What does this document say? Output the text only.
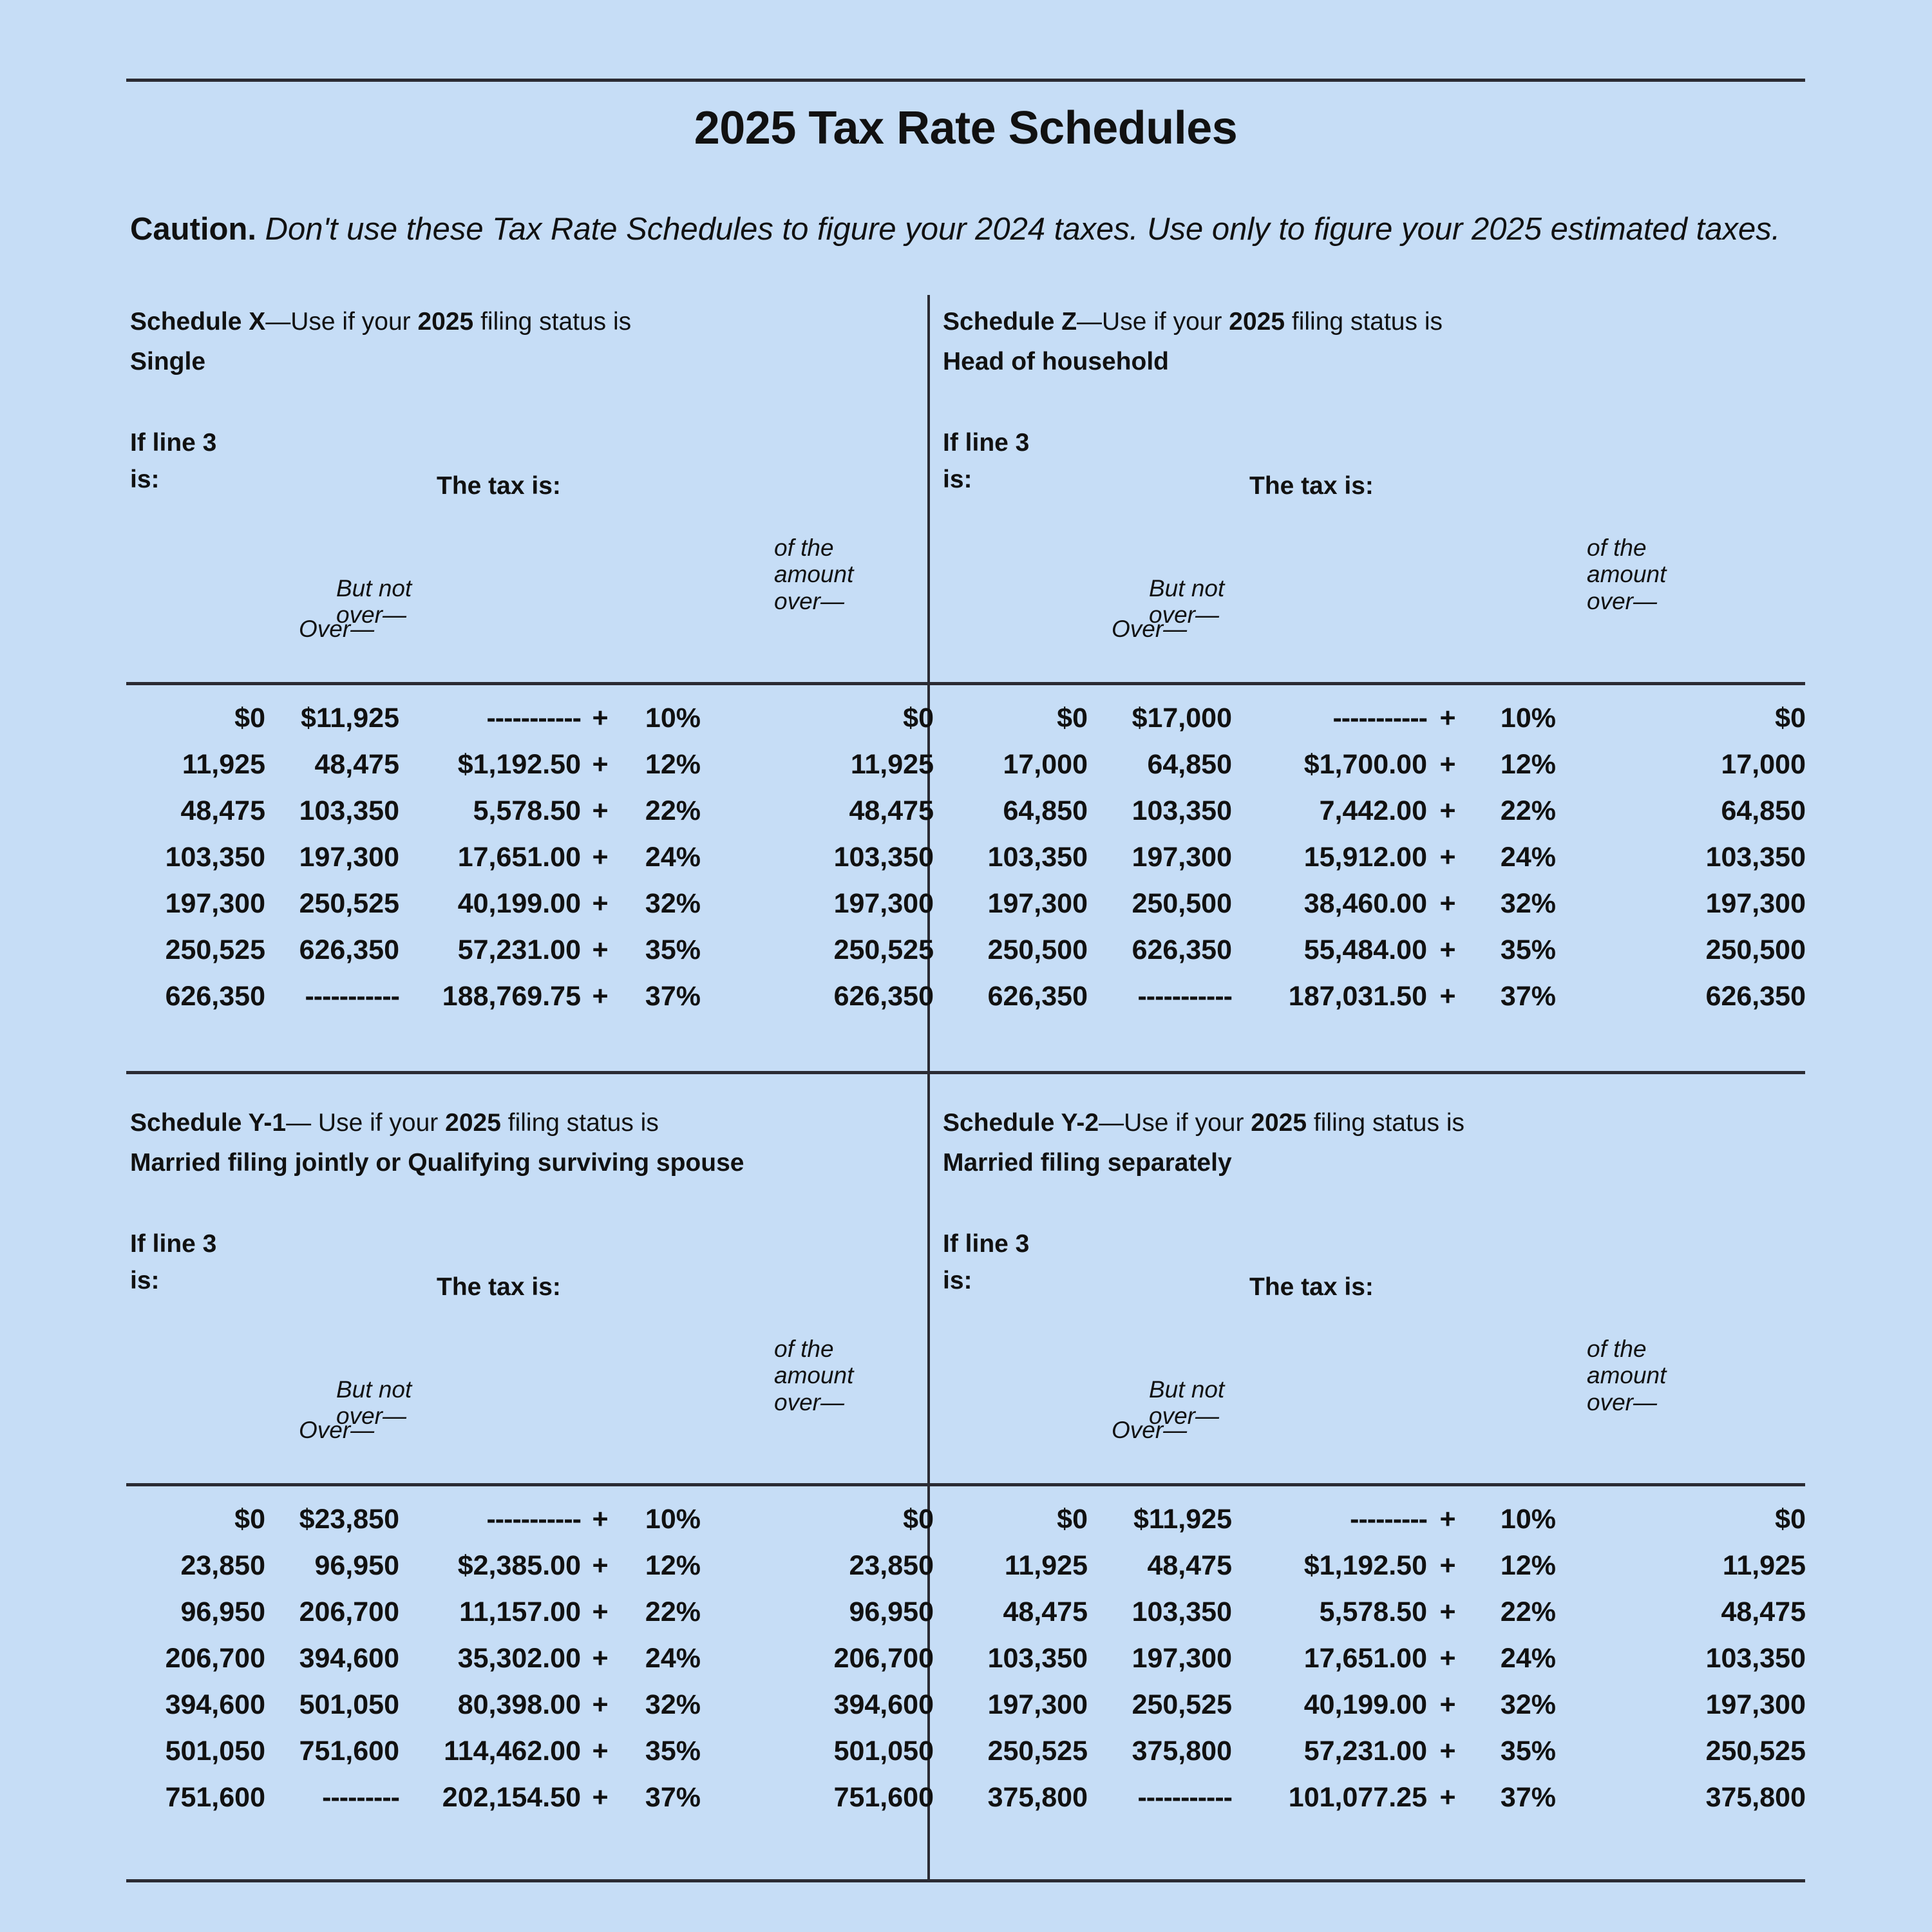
2025 Tax Rate Schedules
Caution. Don't use these Tax Rate Schedules to figure your 2024 taxes. Use only to figure your 2025 estimated taxes.
Schedule X—Use if your 2025 filing status is
Single
If line 3
is:	The tax is:
Over—
But not
over—
of the
amount
over—
$0	$11,925	----------- +	10%	$0
11,925	48,475	$1,192.50 +	12%	11,925
48,475	103,350	5,578.50 +	22%	48,475
103,350	197,300	17,651.00 +	24%	103,350
197,300	250,525	40,199.00 +	32%	197,300
250,525	626,350	57,231.00 +	35%	250,525
626,350	-----------	188,769.75 +	37%	626,350
Schedule Z—Use if your 2025 filing status is
Head of household
If line 3
is:	The tax is:
Over—
But not
over—
of the
amount
over—
$0	$17,000	----------- +	10%	$0
17,000	64,850	$1,700.00 +	12%	17,000
64,850	103,350	7,442.00 +	22%	64,850
103,350	197,300	15,912.00 +	24%	103,350
197,300	250,500	38,460.00 +	32%	197,300
250,500	626,350	55,484.00 +	35%	250,500
626,350	-----------	187,031.50 +	37%	626,350
Schedule Y-1— Use if your 2025 filing status is
Married filing jointly or Qualifying surviving spouse
If line 3
is:	The tax is:
Over—
But not
over—
of the
amount
over—
$0	$23,850	----------- +	10%	$0
23,850	96,950	$2,385.00 +	12%	23,850
96,950	206,700	11,157.00 +	22%	96,950
206,700	394,600	35,302.00 +	24%	206,700
394,600	501,050	80,398.00 +	32%	394,600
501,050	751,600	114,462.00 +	35%	501,050
751,600	---------	202,154.50 +	37%	751,600
Schedule Y-2—Use if your 2025 filing status is
Married filing separately
If line 3
is:	The tax is:
Over—
But not
over—
of the
amount
over—
$0	$11,925	--------- +	10%	$0
11,925	48,475	$1,192.50 +	12%	11,925
48,475	103,350	5,578.50 +	22%	48,475
103,350	197,300	17,651.00 +	24%	103,350
197,300	250,525	40,199.00 +	32%	197,300
250,525	375,800	57,231.00 +	35%	250,525
375,800	-----------	101,077.25 +	37%	375,800
